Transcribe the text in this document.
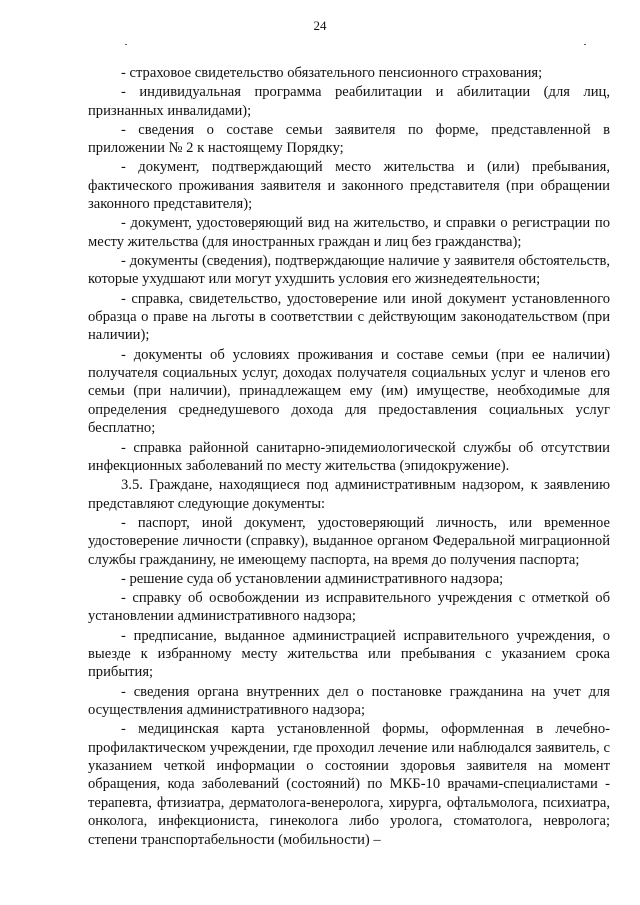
24

- страховое свидетельство обязательного пенсионного страхования;

- индивидуальная программа реабилитации и абилитации (для лиц, признанных инвалидами);

- сведения о составе семьи заявителя по форме, представленной в приложении № 2 к настоящему Порядку;

- документ, подтверждающий место жительства и (или) пребывания, фактического проживания заявителя и законного представителя (при обращении законного представителя);

- документ, удостоверяющий вид на жительство, и справки о регистрации по месту жительства (для иностранных граждан и лиц без гражданства);

- документы (сведения), подтверждающие наличие у заявителя обстоятельств, которые ухудшают или могут ухудшить условия его жизнедеятельности;

- справка, свидетельство, удостоверение или иной документ установленного образца о праве на льготы в соответствии с действующим законодательством (при наличии);

- документы об условиях проживания и составе семьи (при ее наличии) получателя социальных услуг, доходах получателя социальных услуг и членов его семьи (при наличии), принадлежащем ему (им) имуществе, необходимые для определения среднедушевого дохода для предоставления социальных услуг бесплатно;

- справка районной санитарно-эпидемиологической службы об отсутствии инфекционных заболеваний по месту жительства (эпидокружение).

3.5. Граждане, находящиеся под административным надзором, к заявлению представляют следующие документы:

- паспорт, иной документ, удостоверяющий личность, или временное удостоверение личности (справку), выданное органом Федеральной миграционной службы гражданину, не имеющему паспорта, на время до получения паспорта;

- решение суда об установлении административного надзора;

- справку об освобождении из исправительного учреждения с отметкой об установлении административного надзора;

- предписание, выданное администрацией исправительного учреждения, о выезде к избранному месту жительства или пребывания с указанием срока прибытия;

- сведения органа внутренних дел о постановке гражданина на учет для осуществления административного надзора;

- медицинская карта установленной формы, оформленная в лечебно-профилактическом учреждении, где проходил лечение или наблюдался заявитель, с указанием четкой информации о состоянии здоровья заявителя на момент обращения, кода заболеваний (состояний) по МКБ-10 врачами-специалистами - терапевта, фтизиатра, дерматолога-венеролога, хирурга, офтальмолога, психиатра, онколога, инфекциониста, гинеколога либо уролога, стоматолога, невролога; степени транспортабельности (мобильности) –
